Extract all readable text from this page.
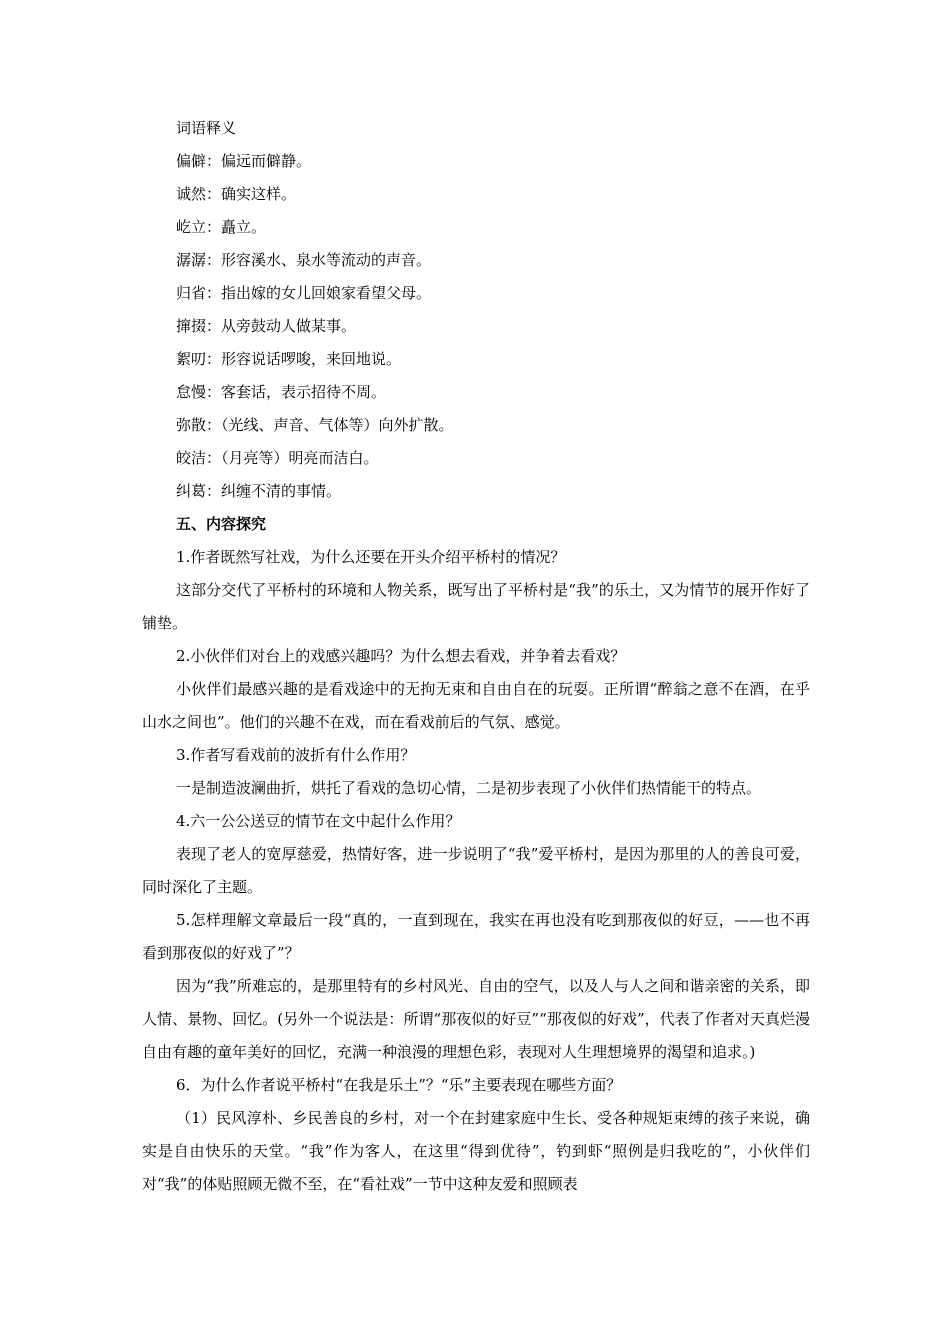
词语释义

偏僻：偏远而僻静。

诚然：确实这样。

屹立：矗立。

潺潺：形容溪水、泉水等流动的声音。

归省：指出嫁的女儿回娘家看望父母。

撺掇：从旁鼓动人做某事。

絮叨：形容说话啰唆，来回地说。

怠慢：客套话，表示招待不周。

弥散：（光线、声音、气体等）向外扩散。

皎洁：（月亮等）明亮而洁白。

纠葛：纠缠不清的事情。

五、内容探究

1.作者既然写社戏，为什么还要在开头介绍平桥村的情况？

这部分交代了平桥村的环境和人物关系，既写出了平桥村是“我”的乐土，又为情节的展开作好了铺垫。

2.小伙伴们对台上的戏感兴趣吗？为什么想去看戏，并争着去看戏？

小伙伴们最感兴趣的是看戏途中的无拘无束和自由自在的玩耍。正所谓“醉翁之意不在酒，在乎山水之间也”。他们的兴趣不在戏，而在看戏前后的气氛、感觉。

3.作者写看戏前的波折有什么作用？

一是制造波澜曲折，烘托了看戏的急切心情，二是初步表现了小伙伴们热情能干的特点。

4.六一公公送豆的情节在文中起什么作用？

表现了老人的宽厚慈爱，热情好客，进一步说明了“我”爱平桥村，是因为那里的人的善良可爱，同时深化了主题。

5.怎样理解文章最后一段“真的，一直到现在，我实在再也没有吃到那夜似的好豆，——也不再看到那夜似的好戏了”？

因为“我”所难忘的，是那里特有的乡村风光、自由的空气，以及人与人之间和谐亲密的关系，即人情、景物、回忆。(另外一个说法是：所谓“那夜似的好豆”“那夜似的好戏”，代表了作者对天真烂漫自由有趣的童年美好的回忆，充满一种浪漫的理想色彩，表现对人生理想境界的渴望和追求。)

6．为什么作者说平桥村“在我是乐土”？“乐”主要表现在哪些方面？

（1）民风淳朴、乡民善良的乡村，对一个在封建家庭中生长、受各种规矩束缚的孩子来说，确实是自由快乐的天堂。“我”作为客人，在这里“得到优待”，钓到虾“照例是归我吃的”，小伙伴们对“我”的体贴照顾无微不至，在“看社戏”一节中这种友爱和照顾表
